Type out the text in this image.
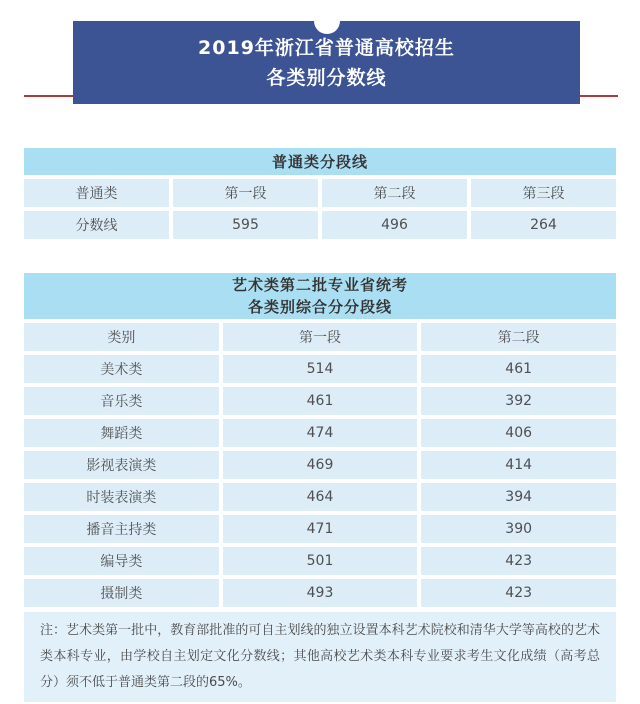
2019年浙江省普通高校招生
各类别分数线
普通类分段线
普通类	第一段	第二段	第三段
分数线	595	496	264
艺术类第二批专业省统考
各类别综合分分段线
类别	第一段	第二段
美术类	514	461
音乐类	461	392
舞蹈类	474	406
影视表演类	469	414
时装表演类	464	394
播音主持类	471	390
编导类	501	423
摄制类	493	423
注：艺术类第一批中，教育部批准的可自主划线的独立设置本科艺术院校和清华大学等高校的艺术类本科专业，由学校自主划定文化分数线；其他高校艺术类本科专业要求考生文化成绩（高考总分）须不低于普通类第二段的65%。
